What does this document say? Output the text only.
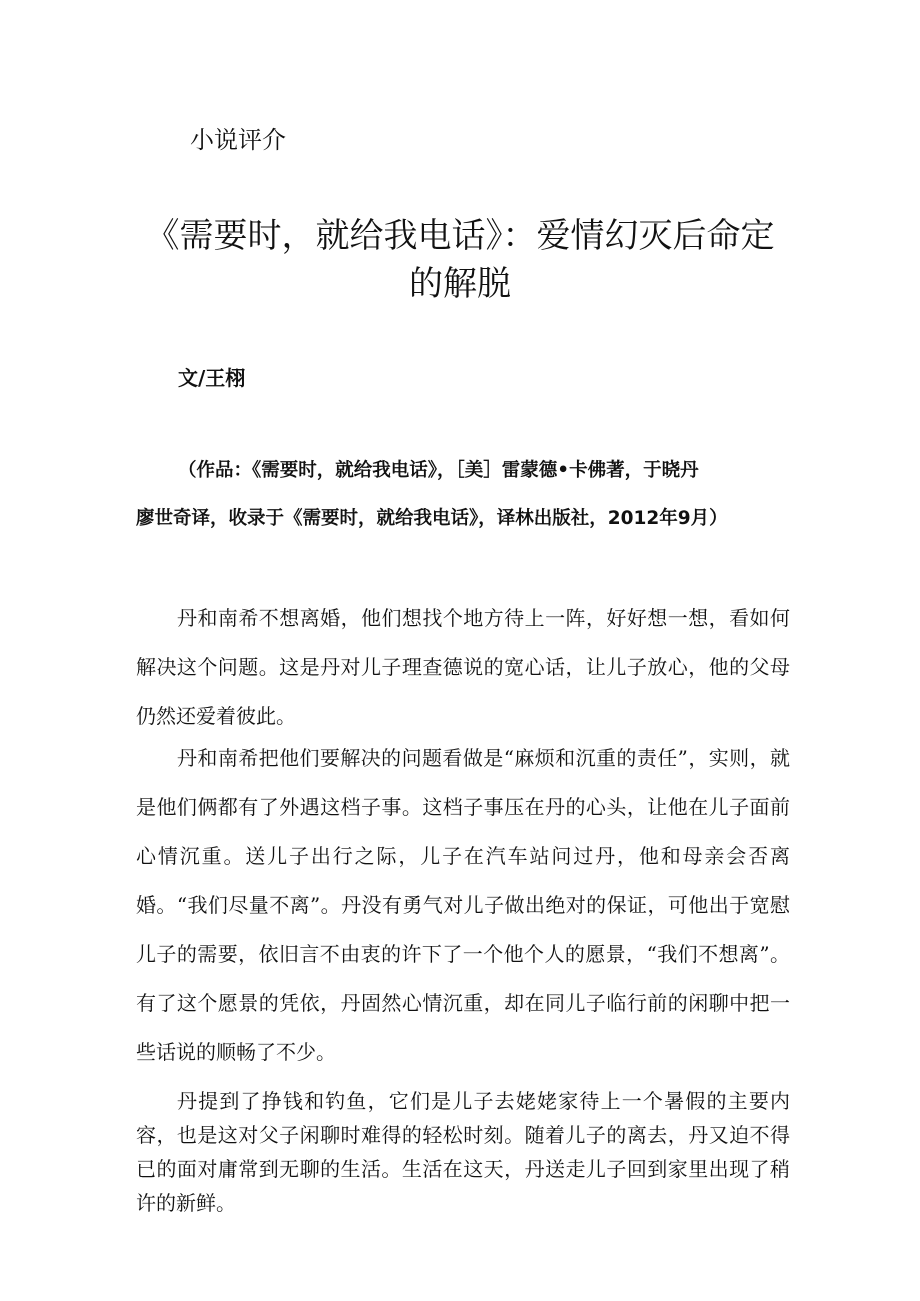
小说评介
《需要时，就给我电话》：爱情幻灭后命定
的解脱
文/王栩
（作品：《需要时，就给我电话》，［美］雷蒙德•卡佛著，于晓丹
廖世奇译，收录于《需要时，就给我电话》，译林出版社，2012年9月）

丹和南希不想离婚，他们想找个地方待上一阵，好好想一想，看如何解决这个问题。这是丹对儿子理查德说的宽心话，让儿子放心，他的父母仍然还爱着彼此。

丹和南希把他们要解决的问题看做是“麻烦和沉重的责任”，实则，就是他们俩都有了外遇这档子事。这档子事压在丹的心头，让他在儿子面前心情沉重。送儿子出行之际，儿子在汽车站问过丹，他和母亲会否离婚。“我们尽量不离”。丹没有勇气对儿子做出绝对的保证，可他出于宽慰儿子的需要，依旧言不由衷的许下了一个他个人的愿景，“我们不想离”。有了这个愿景的凭依，丹固然心情沉重，却在同儿子临行前的闲聊中把一些话说的顺畅了不少。

丹提到了挣钱和钓鱼，它们是儿子去姥姥家待上一个暑假的主要内容，也是这对父子闲聊时难得的轻松时刻。随着儿子的离去，丹又迫不得已的面对庸常到无聊的生活。生活在这天，丹送走儿子回到家里出现了稍许的新鲜。
